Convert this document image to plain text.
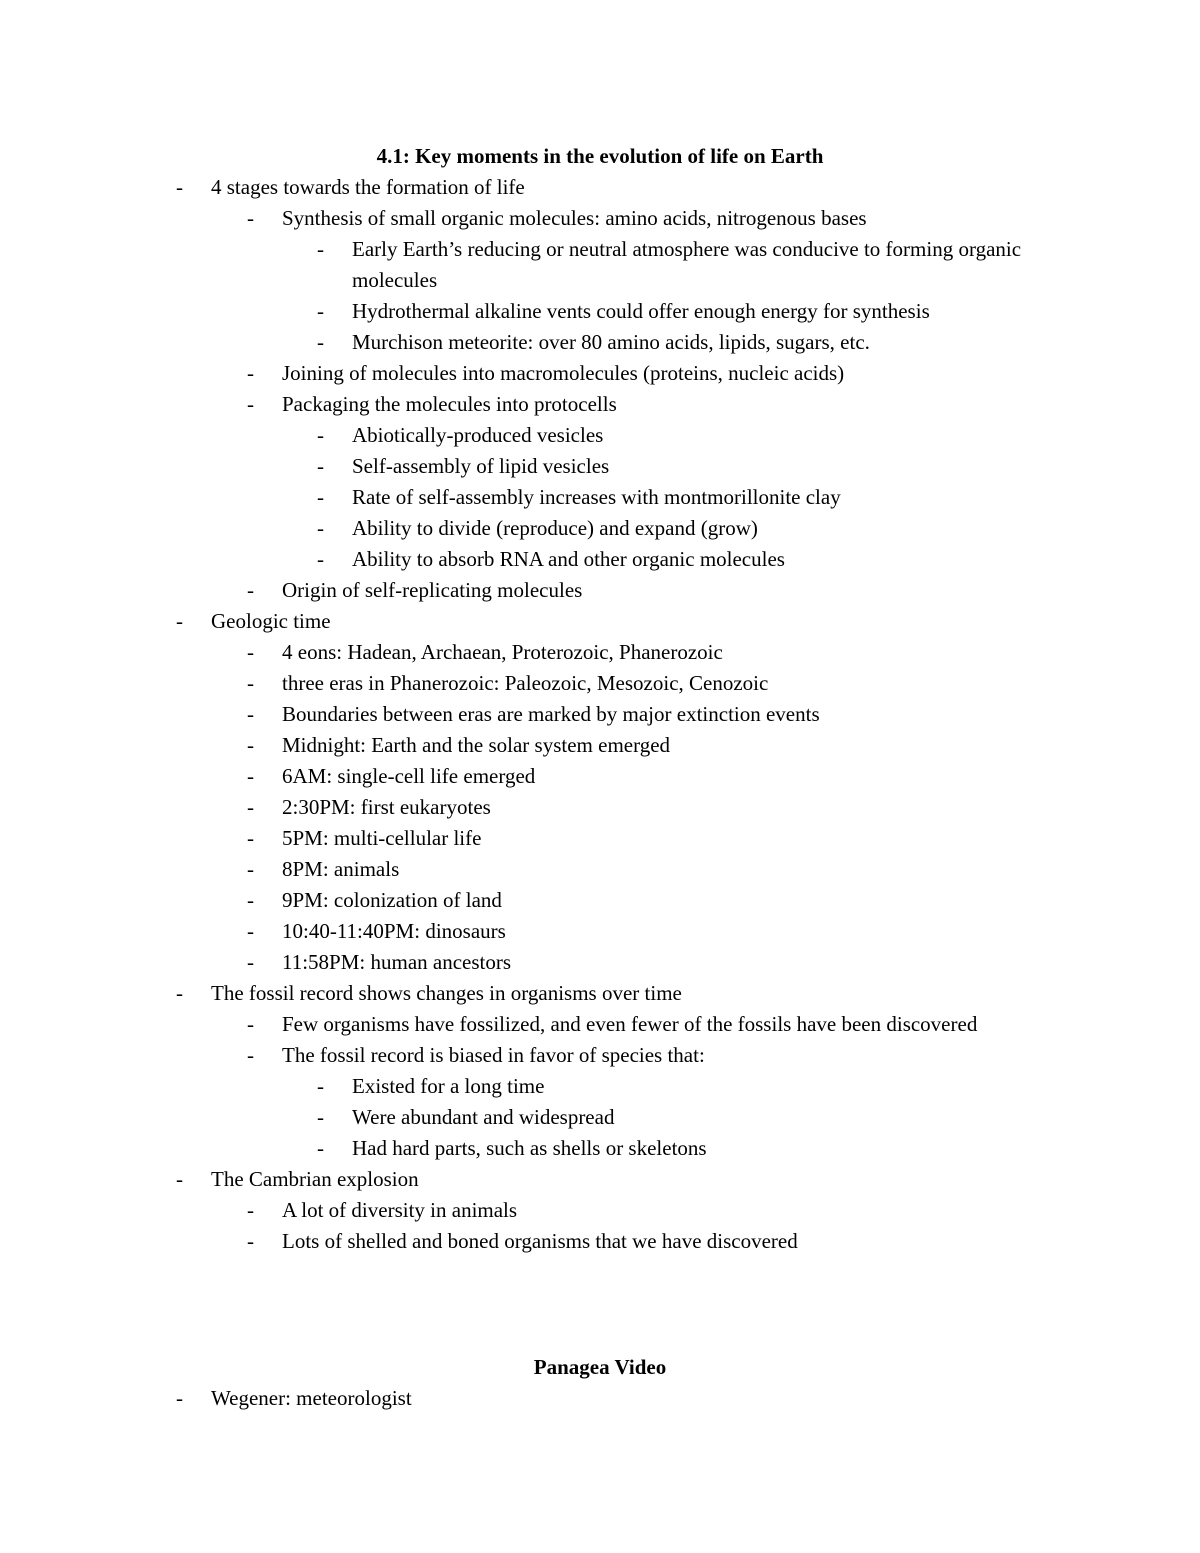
4.1: Key moments in the evolution of life on Earth
- 4 stages towards the formation of life
- Synthesis of small organic molecules: amino acids, nitrogenous bases
- Early Earth’s reducing or neutral atmosphere was conducive to forming organic molecules
- Hydrothermal alkaline vents could offer enough energy for synthesis
- Murchison meteorite: over 80 amino acids, lipids, sugars, etc.
- Joining of molecules into macromolecules (proteins, nucleic acids)
- Packaging the molecules into protocells
- Abiotically-produced vesicles
- Self-assembly of lipid vesicles
- Rate of self-assembly increases with montmorillonite clay
- Ability to divide (reproduce) and expand (grow)
- Ability to absorb RNA and other organic molecules
- Origin of self-replicating molecules
- Geologic time
- 4 eons: Hadean, Archaean, Proterozoic, Phanerozoic
- three eras in Phanerozoic: Paleozoic, Mesozoic, Cenozoic
- Boundaries between eras are marked by major extinction events
- Midnight: Earth and the solar system emerged
- 6AM: single-cell life emerged
- 2:30PM: first eukaryotes
- 5PM: multi-cellular life
- 8PM: animals
- 9PM: colonization of land
- 10:40-11:40PM: dinosaurs
- 11:58PM: human ancestors
- The fossil record shows changes in organisms over time
- Few organisms have fossilized, and even fewer of the fossils have been discovered
- The fossil record is biased in favor of species that:
- Existed for a long time
- Were abundant and widespread
- Had hard parts, such as shells or skeletons
- The Cambrian explosion
- A lot of diversity in animals
- Lots of shelled and boned organisms that we have discovered
Panagea Video
- Wegener: meteorologist
